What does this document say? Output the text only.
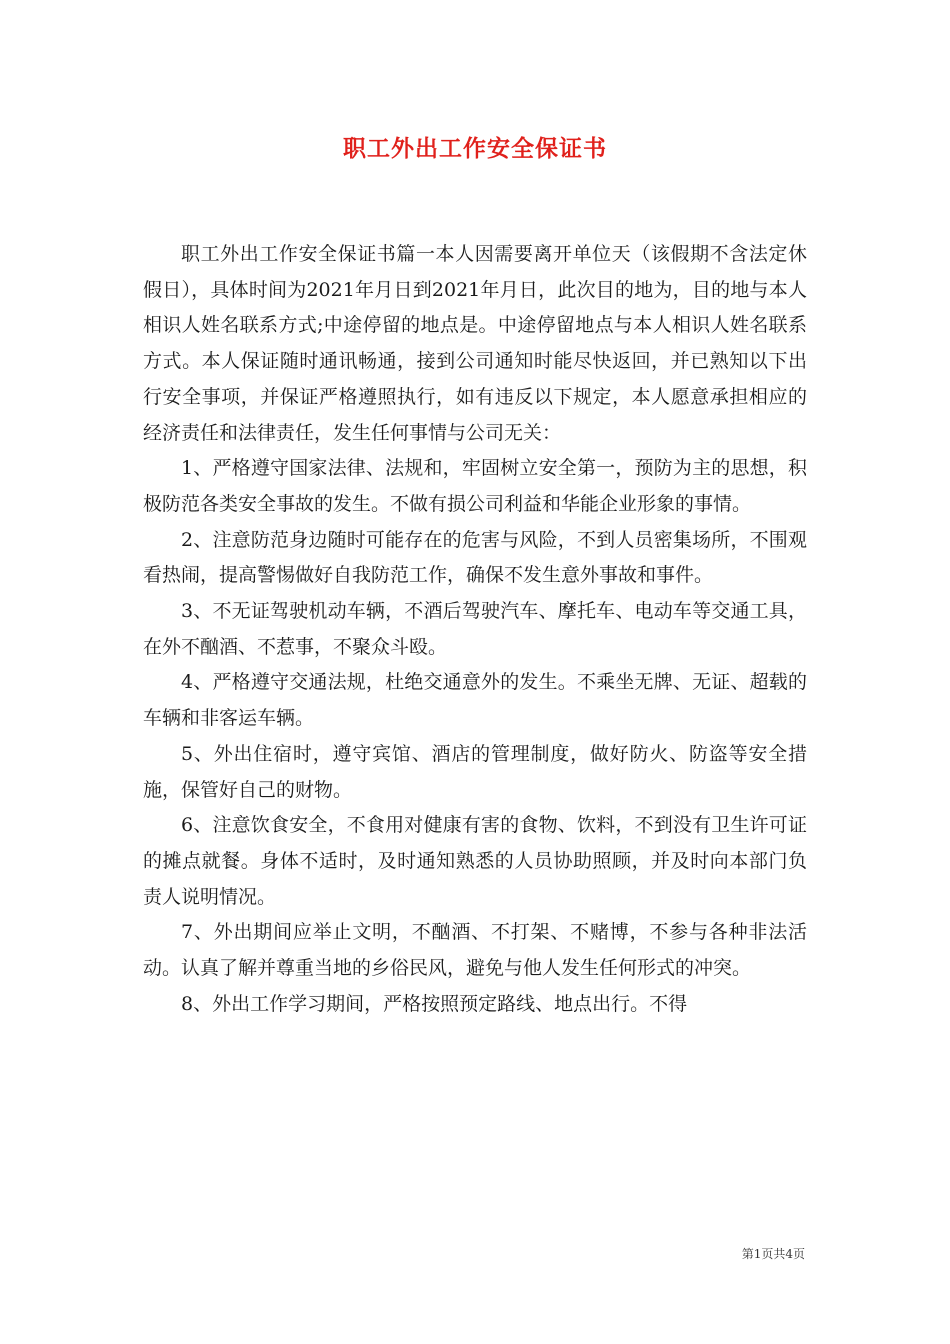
职工外出工作安全保证书

职工外出工作安全保证书篇一本人因需要离开单位天（该假期不含法定休假日），具体时间为2021年月日到2021年月日，此次目的地为，目的地与本人相识人姓名联系方式;中途停留的地点是。中途停留地点与本人相识人姓名联系方式。本人保证随时通讯畅通，接到公司通知时能尽快返回，并已熟知以下出行安全事项，并保证严格遵照执行，如有违反以下规定，本人愿意承担相应的经济责任和法律责任，发生任何事情与公司无关：

1、严格遵守国家法律、法规和，牢固树立安全第一，预防为主的思想，积极防范各类安全事故的发生。不做有损公司利益和华能企业形象的事情。

2、注意防范身边随时可能存在的危害与风险，不到人员密集场所，不围观看热闹，提高警惕做好自我防范工作，确保不发生意外事故和事件。

3、不无证驾驶机动车辆，不酒后驾驶汽车、摩托车、电动车等交通工具，在外不酗酒、不惹事，不聚众斗殴。

4、严格遵守交通法规，杜绝交通意外的发生。不乘坐无牌、无证、超载的车辆和非客运车辆。

5、外出住宿时，遵守宾馆、酒店的管理制度，做好防火、防盗等安全措施，保管好自己的财物。

6、注意饮食安全，不食用对健康有害的食物、饮料，不到没有卫生许可证的摊点就餐。身体不适时，及时通知熟悉的人员协助照顾，并及时向本部门负责人说明情况。

7、外出期间应举止文明，不酗酒、不打架、不赌博，不参与各种非法活动。认真了解并尊重当地的乡俗民风，避免与他人发生任何形式的冲突。

8、外出工作学习期间，严格按照预定路线、地点出行。不得

第1页共4页
